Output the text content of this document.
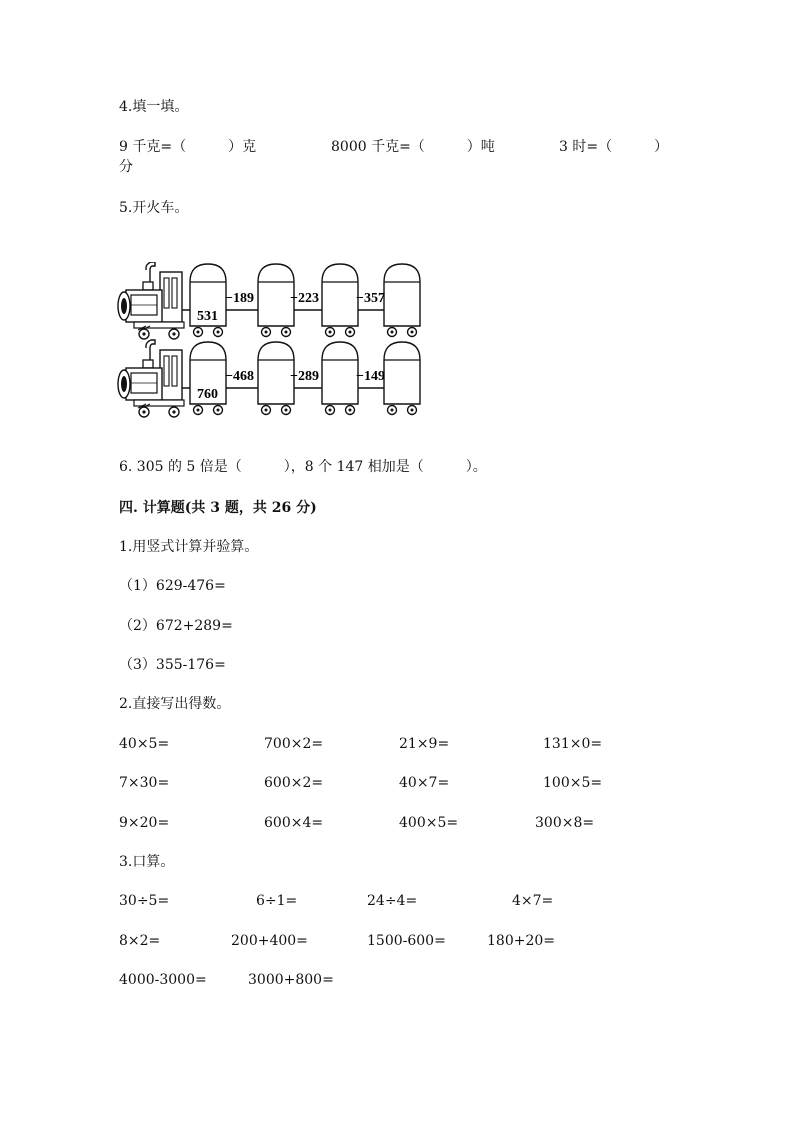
4.填一填。
9 千克=（　　　）克	8000 千克=（　　　）吨	3 时=（　　　）
分
5.开火车。
531
−189	+223	−357
760
−468	+289	−149
6. 305 的 5 倍是（　　　），8 个 147 相加是（　　　）。
四. 计算题(共 3 题，共 26 分)
1.用竖式计算并验算。
（1）629-476=
（2）672+289=
（3）355-176=
2.直接写出得数。
40×5=	700×2=	21×9=	131×0=
7×30=	600×2=	40×7=	100×5=
9×20=	600×4=	400×5=	300×8=
3.口算。
30÷5=	6÷1=	24÷4=	4×7=
8×2=	200+400=	1500-600=	180+20=
4000-3000=	3000+800=
